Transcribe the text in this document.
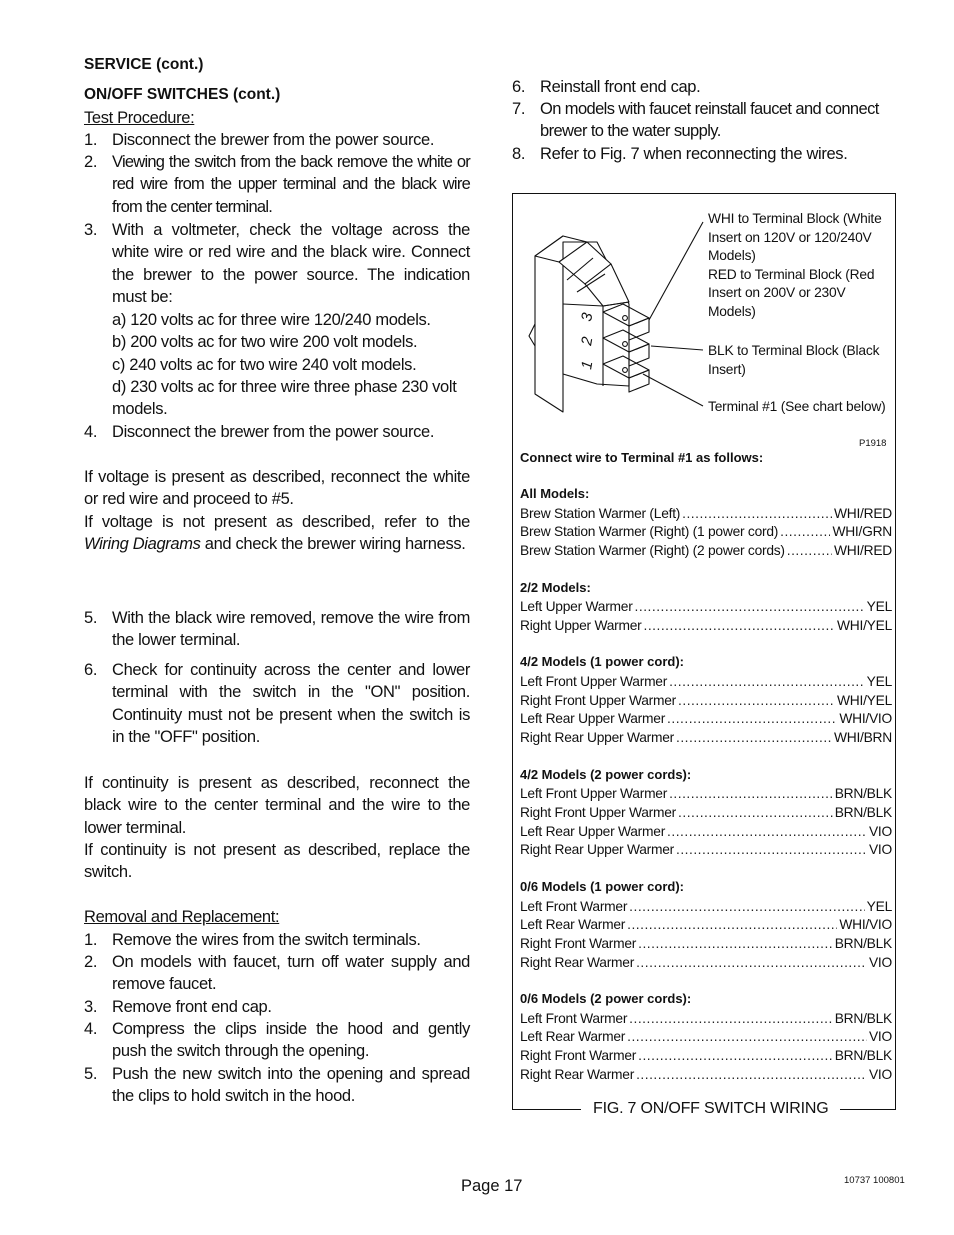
SERVICE (cont.)
ON/OFF SWITCHES (cont.)
Test Procedure:
1. Disconnect the brewer from the power source.
2. Viewing the switch from the back remove the white or red wire from the upper terminal and the black wire from the center terminal.
3. With a voltmeter, check the voltage across the white wire or red wire and the black wire. Connect the brewer to the power source. The indication must be:
a) 120 volts ac for three wire 120/240 models.
b) 200 volts ac for two wire 200 volt models.
c) 240 volts ac for two wire 240 volt models.
d) 230 volts ac for three wire three phase 230 volt models.
4. Disconnect the brewer from the power source.
If voltage is present as described, reconnect the white or red wire and proceed to #5.
If voltage is not present as described, refer to the Wiring Diagrams and check the brewer wiring harness.
5. With the black wire removed, remove the wire from the lower terminal.
6. Check for continuity across the center and lower terminal with the switch in the "ON" position. Continuity must not be present when the switch is in the "OFF" position.
If continuity is present as described, reconnect the black wire to the center terminal and the wire to the lower terminal.
If continuity is not present as described, replace the switch.
Removal and Replacement:
1. Remove the wires from the switch terminals.
2. On models with faucet, turn off water supply and remove faucet.
3. Remove front end cap.
4. Compress the clips inside the hood and gently push the switch through the opening.
5. Push the new switch into the opening and spread the clips to hold switch in the hood.
6. Reinstall front end cap.
7. On models with faucet reinstall faucet and connect brewer to the water supply.
8. Refer to Fig. 7 when reconnecting the wires.
3
2
1
WHI to Terminal Block (White Insert on 120V or 120/240V Models)
RED to Terminal Block (Red Insert on 200V or 230V Models)
BLK to Terminal Block (Black Insert)
Terminal #1 (See chart below)
P1918
Connect wire to Terminal #1 as follows:
All Models:
Brew Station Warmer (Left) .....	WHI/RED
Brew Station Warmer (Right) (1 power cord) .....	WHI/GRN
Brew Station Warmer (Right) (2 power cords) .....	WHI/RED
2/2 Models:
Left Upper Warmer .....	YEL
Right Upper Warmer .....	WHI/YEL
4/2 Models (1 power cord):
Left Front Upper Warmer .....	YEL
Right Front Upper Warmer .....	WHI/YEL
Left Rear Upper Warmer .....	WHI/VIO
Right Rear Upper Warmer .....	WHI/BRN
4/2 Models (2 power cords):
Left Front Upper Warmer .....	BRN/BLK
Right Front Upper Warmer .....	BRN/BLK
Left Rear Upper Warmer .....	VIO
Right Rear Upper Warmer .....	VIO
0/6 Models (1 power cord):
Left Front Warmer .....	YEL
Left Rear Warmer .....	WHI/VIO
Right Front Warmer .....	BRN/BLK
Right Rear Warmer .....	VIO
0/6 Models (2 power cords):
Left Front Warmer .....	BRN/BLK
Left Rear Warmer .....	VIO
Right Front Warmer .....	BRN/BLK
Right Rear Warmer .....	VIO
FIG. 7 ON/OFF SWITCH WIRING
Page 17	10737 100801
